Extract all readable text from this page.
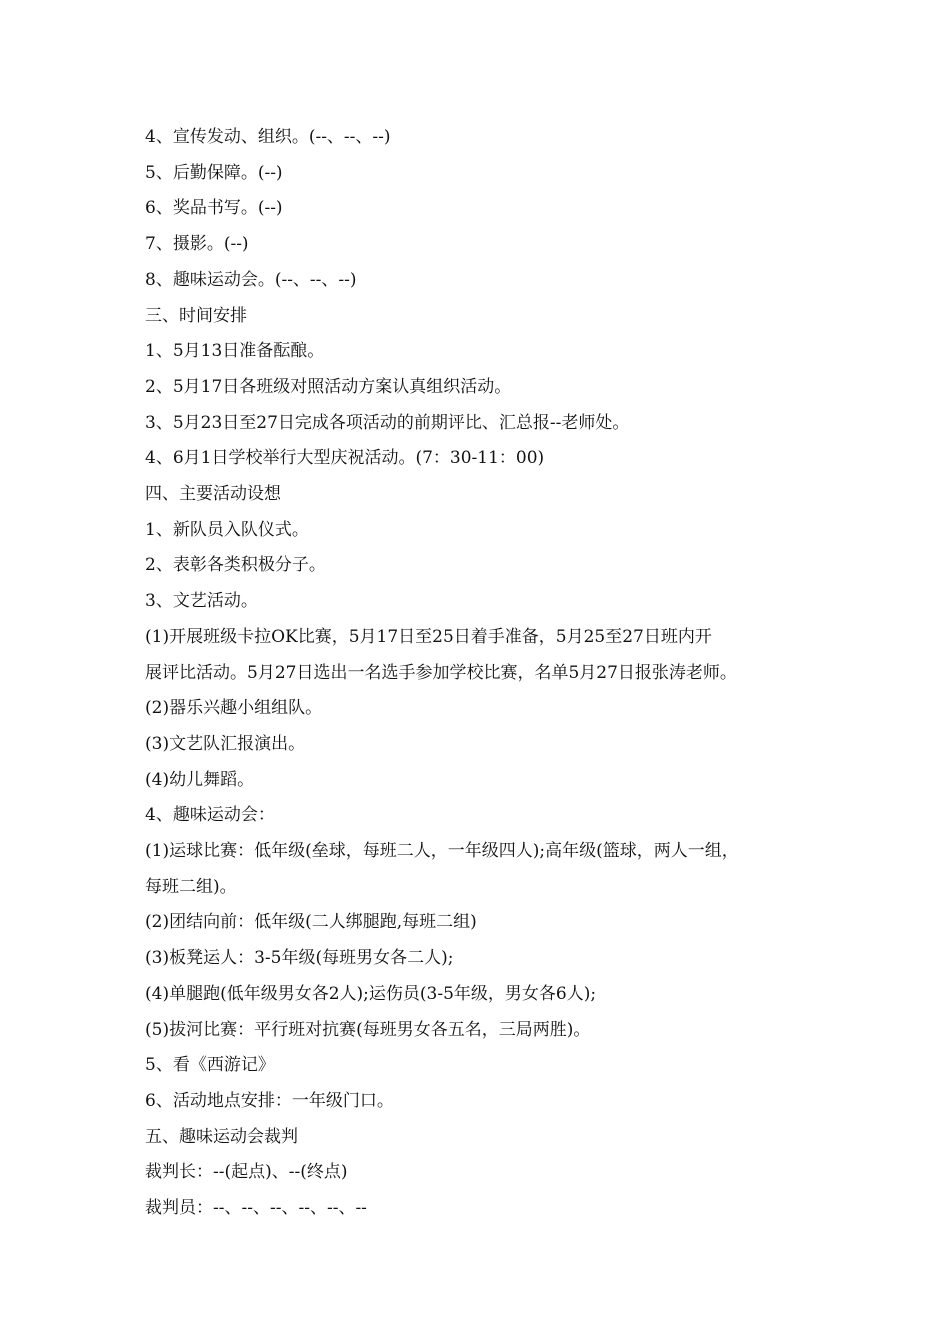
4、宣传发动、组织。(--、--、--)
5、后勤保障。(--)
6、奖品书写。(--)
7、摄影。(--)
8、趣味运动会。(--、--、--)
三、时间安排
1、5月13日准备酝酿。
2、5月17日各班级对照活动方案认真组织活动。
3、5月23日至27日完成各项活动的前期评比、汇总报--老师处。
4、6月1日学校举行大型庆祝活动。(7：30-11：00)
四、主要活动设想
1、新队员入队仪式。
2、表彰各类积极分子。
3、文艺活动。
(1)开展班级卡拉OK比赛，5月17日至25日着手准备，5月25至27日班内开
展评比活动。5月27日选出一名选手参加学校比赛，名单5月27日报张涛老师。
(2)器乐兴趣小组组队。
(3)文艺队汇报演出。
(4)幼儿舞蹈。
4、趣味运动会：
(1)运球比赛：低年级(垒球，每班二人，一年级四人);高年级(篮球，两人一组，
每班二组)。
(2)团结向前：低年级(二人绑腿跑,每班二组)
(3)板凳运人：3-5年级(每班男女各二人);
(4)单腿跑(低年级男女各2人);运伤员(3-5年级，男女各6人);
(5)拔河比赛：平行班对抗赛(每班男女各五名，三局两胜)。
5、看《西游记》
6、活动地点安排：一年级门口。
五、趣味运动会裁判
裁判长：--(起点)、--(终点)
裁判员：--、--、--、--、--、--
